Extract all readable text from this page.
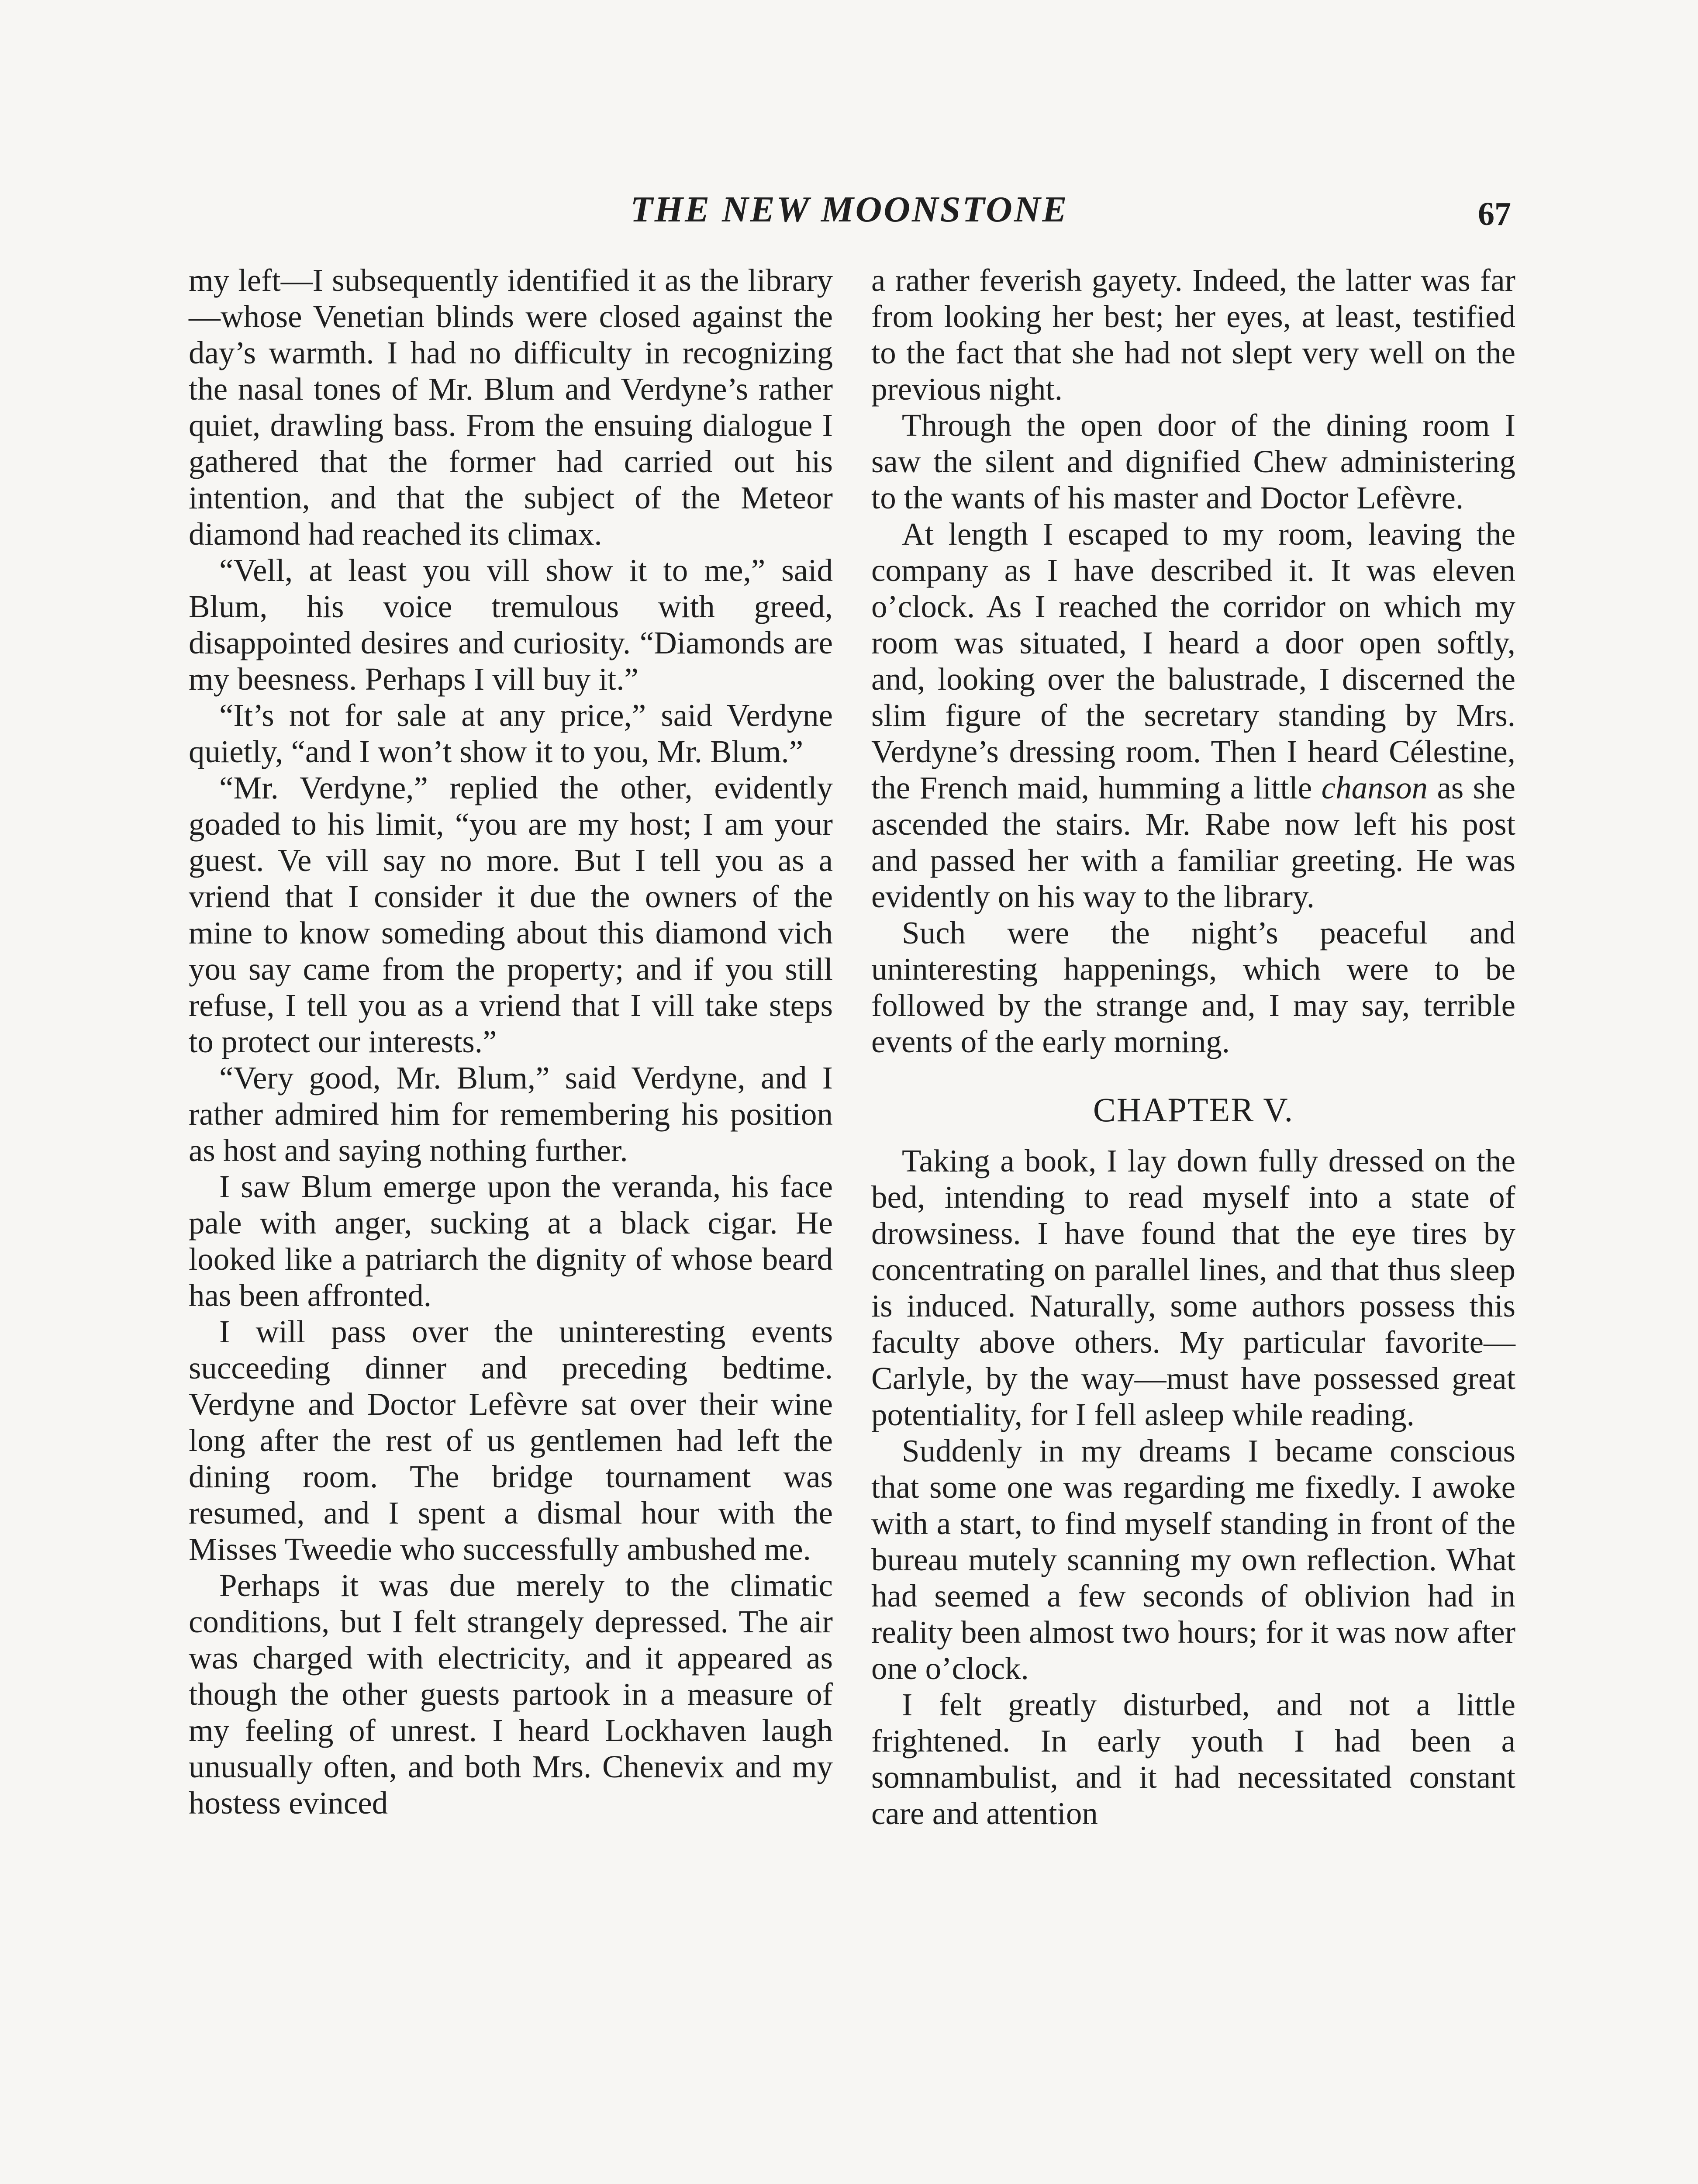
THE NEW MOONSTONE	67

my left—I subsequently identified it as the library—whose Venetian blinds were closed against the day’s warmth. I had no difficulty in recognizing the nasal tones of Mr. Blum and Verdyne’s rather quiet, drawling bass. From the ensuing dialogue I gathered that the former had carried out his intention, and that the subject of the Meteor diamond had reached its climax.

“Vell, at least you vill show it to me,” said Blum, his voice tremulous with greed, disappointed desires and curiosity. “Diamonds are my beesness. Perhaps I vill buy it.”

“It’s not for sale at any price,” said Verdyne quietly, “and I won’t show it to you, Mr. Blum.”

“Mr. Verdyne,” replied the other, evidently goaded to his limit, “you are my host; I am your guest. Ve vill say no more. But I tell you as a vriend that I consider it due the owners of the mine to know someding about this diamond vich you say came from the property; and if you still refuse, I tell you as a vriend that I vill take steps to protect our interests.”

“Very good, Mr. Blum,” said Verdyne, and I rather admired him for remembering his position as host and saying nothing further.

I saw Blum emerge upon the veranda, his face pale with anger, sucking at a black cigar. He looked like a patriarch the dignity of whose beard has been affronted.

I will pass over the uninteresting events succeeding dinner and preceding bedtime. Verdyne and Doctor Lefèvre sat over their wine long after the rest of us gentlemen had left the dining room. The bridge tournament was resumed, and I spent a dismal hour with the Misses Tweedie who successfully ambushed me.

Perhaps it was due merely to the climatic conditions, but I felt strangely depressed. The air was charged with electricity, and it appeared as though the other guests partook in a measure of my feeling of unrest. I heard Lockhaven laugh unusually often, and both Mrs. Chenevix and my hostess evinced

a rather feverish gayety. Indeed, the latter was far from looking her best; her eyes, at least, testified to the fact that she had not slept very well on the previous night.

Through the open door of the dining room I saw the silent and dignified Chew administering to the wants of his master and Doctor Lefèvre.

At length I escaped to my room, leaving the company as I have described it. It was eleven o’clock. As I reached the corridor on which my room was situated, I heard a door open softly, and, looking over the balustrade, I discerned the slim figure of the secretary standing by Mrs. Verdyne’s dressing room. Then I heard Célestine, the French maid, humming a little chanson as she ascended the stairs. Mr. Rabe now left his post and passed her with a familiar greeting. He was evidently on his way to the library.

Such were the night’s peaceful and uninteresting happenings, which were to be followed by the strange and, I may say, terrible events of the early morning.

CHAPTER V.

Taking a book, I lay down fully dressed on the bed, intending to read myself into a state of drowsiness. I have found that the eye tires by concentrating on parallel lines, and that thus sleep is induced. Naturally, some authors possess this faculty above others. My particular favorite—Carlyle, by the way—must have possessed great potentiality, for I fell asleep while reading.

Suddenly in my dreams I became conscious that some one was regarding me fixedly. I awoke with a start, to find myself standing in front of the bureau mutely scanning my own reflection. What had seemed a few seconds of oblivion had in reality been almost two hours; for it was now after one o’clock.

I felt greatly disturbed, and not a little frightened. In early youth I had been a somnambulist, and it had necessitated constant care and attention
